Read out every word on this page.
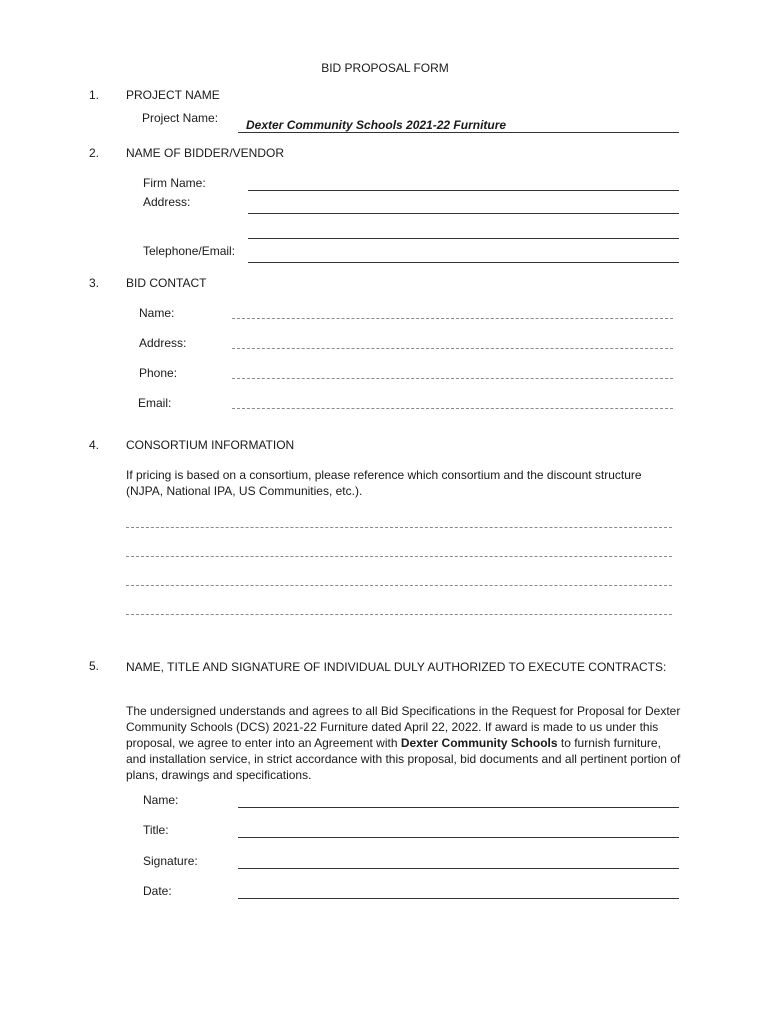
BID PROPOSAL FORM
1. PROJECT NAME
Project Name: Dexter Community Schools 2021-22 Furniture
2. NAME OF BIDDER/VENDOR
Firm Name:
Address:
Telephone/Email:
3. BID CONTACT
Name:
Address:
Phone:
Email:
4. CONSORTIUM INFORMATION
If pricing is based on a consortium, please reference which consortium and the discount structure (NJPA, National IPA, US Communities, etc.).
5. NAME, TITLE AND SIGNATURE OF INDIVIDUAL DULY AUTHORIZED TO EXECUTE CONTRACTS:
The undersigned understands and agrees to all Bid Specifications in the Request for Proposal for Dexter Community Schools (DCS) 2021-22 Furniture dated April 22, 2022. If award is made to us under this proposal, we agree to enter into an Agreement with Dexter Community Schools to furnish furniture, and installation service, in strict accordance with this proposal, bid documents and all pertinent portion of plans, drawings and specifications.
Name:
Title:
Signature:
Date:
